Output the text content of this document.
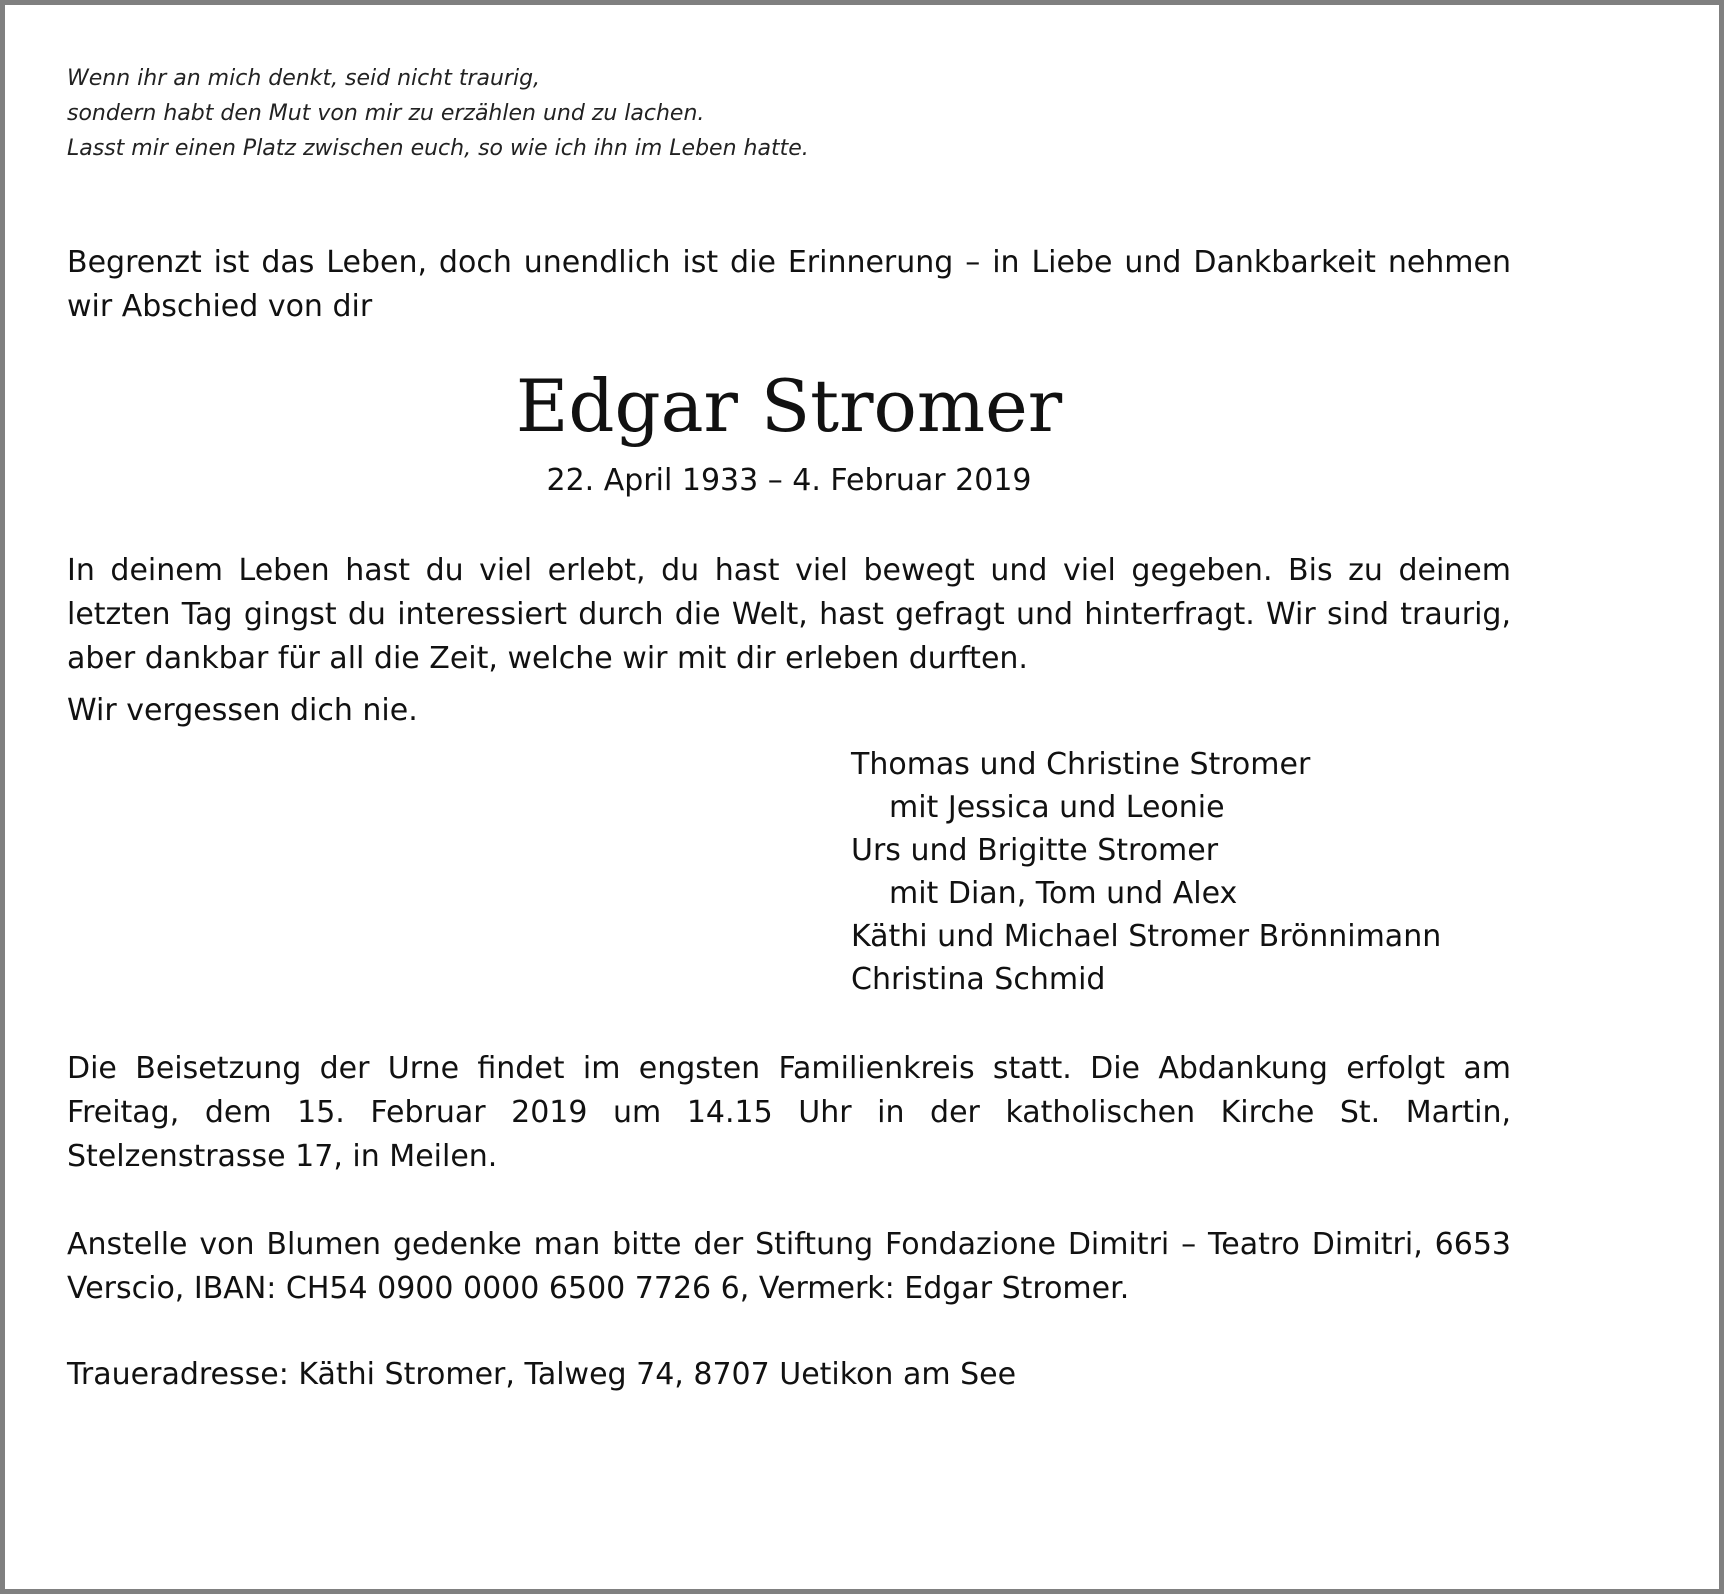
Wenn ihr an mich denkt, seid nicht traurig,
sondern habt den Mut von mir zu erzählen und zu lachen.
Lasst mir einen Platz zwischen euch, so wie ich ihn im Leben hatte.
Begrenzt ist das Leben, doch unendlich ist die Erinnerung – in Liebe und Dankbarkeit nehmen wir Abschied von dir
Edgar Stromer
22. April 1933 – 4. Februar 2019
In deinem Leben hast du viel erlebt, du hast viel bewegt und viel gegeben. Bis zu deinem letzten Tag gingst du interessiert durch die Welt, hast gefragt und hinterfragt. Wir sind traurig, aber dankbar für all die Zeit, welche wir mit dir erleben durften.
Wir vergessen dich nie.
Thomas und Christine Stromer
mit Jessica und Leonie
Urs und Brigitte Stromer
mit Dian, Tom und Alex
Käthi und Michael Stromer Brönnimann
Christina Schmid
Die Beisetzung der Urne findet im engsten Familienkreis statt. Die Abdankung erfolgt am Freitag, dem 15. Februar 2019 um 14.15 Uhr in der katholischen Kirche St. Martin, Stelzenstrasse 17, in Meilen.
Anstelle von Blumen gedenke man bitte der Stiftung Fondazione Dimitri – Teatro Dimitri, 6653 Verscio, IBAN: CH54 0900 0000 6500 7726 6, Vermerk: Edgar Stromer.
Traueradresse: Käthi Stromer, Talweg 74, 8707 Uetikon am See
